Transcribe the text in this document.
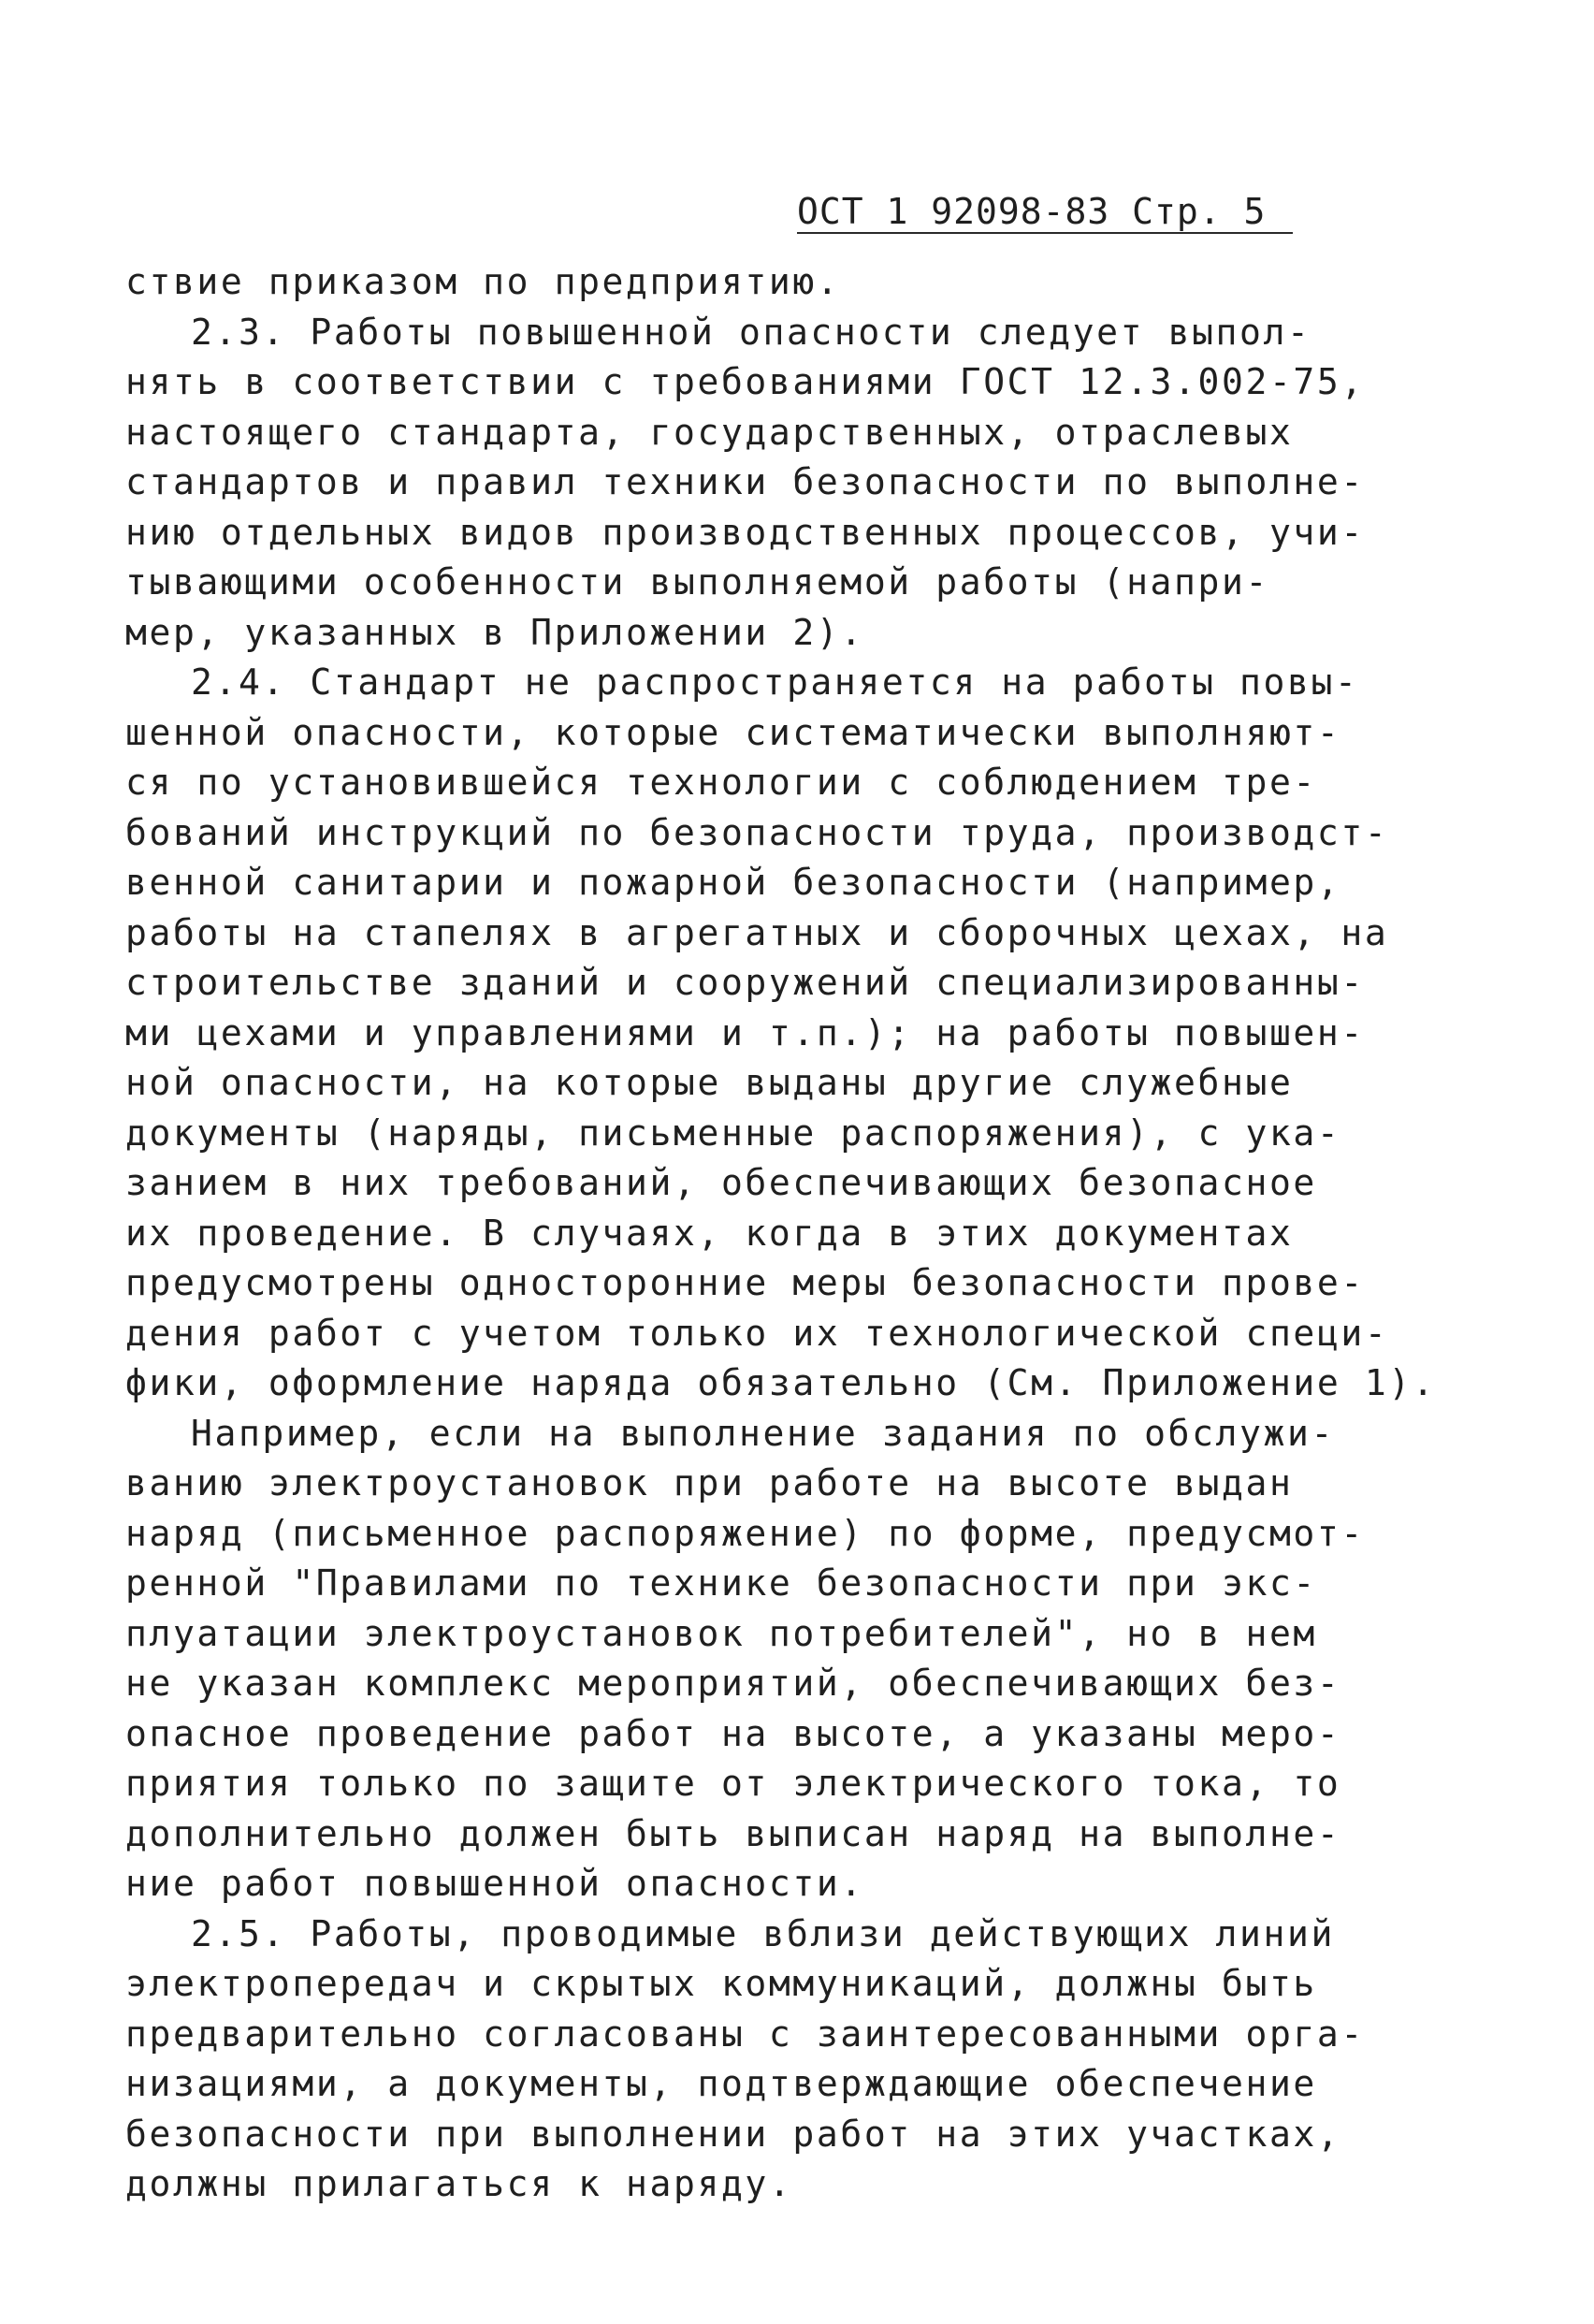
ОСТ 1 92098-83 Стр. 5
ствие приказом по предприятию.
2.3. Работы повышенной опасности следует выпол-
нять в соответствии с требованиями ГОСТ 12.3.002-75,
настоящего стандарта, государственных, отраслевых
стандартов и правил техники безопасности по выполне-
нию отдельных видов производственных процессов, учи-
тывающими особенности выполняемой работы (напри-
мер, указанных в Приложении 2).
2.4. Стандарт не распространяется на работы повы-
шенной опасности, которые систематически выполняют-
ся по установившейся технологии с соблюдением тре-
бований инструкций по безопасности труда, производст-
венной санитарии и пожарной безопасности (например,
работы на стапелях в агрегатных и сборочных цехах, на
строительстве зданий и сооружений специализированны-
ми цехами и управлениями и т.п.); на работы повышен-
ной опасности, на которые выданы другие служебные
документы (наряды, письменные распоряжения), с ука-
занием в них требований, обеспечивающих безопасное
их проведение. В случаях, когда в этих документах
предусмотрены односторонние меры безопасности прове-
дения работ с учетом только их технологической специ-
фики, оформление наряда обязательно (См. Приложение 1).
Например, если на выполнение задания по обслужи-
ванию электроустановок при работе на высоте выдан
наряд (письменное распоряжение) по форме, предусмот-
ренной "Правилами по технике безопасности при экс-
плуатации электроустановок потребителей", но в нем
не указан комплекс мероприятий, обеспечивающих без-
опасное проведение работ на высоте, а указаны меро-
приятия только по защите от электрического тока, то
дополнительно должен быть выписан наряд на выполне-
ние работ повышенной опасности.
2.5. Работы, проводимые вблизи действующих линий
электропередач и скрытых коммуникаций, должны быть
предварительно согласованы с заинтересованными орга-
низациями, а документы, подтверждающие обеспечение
безопасности при выполнении работ на этих участках,
должны прилагаться к наряду.
